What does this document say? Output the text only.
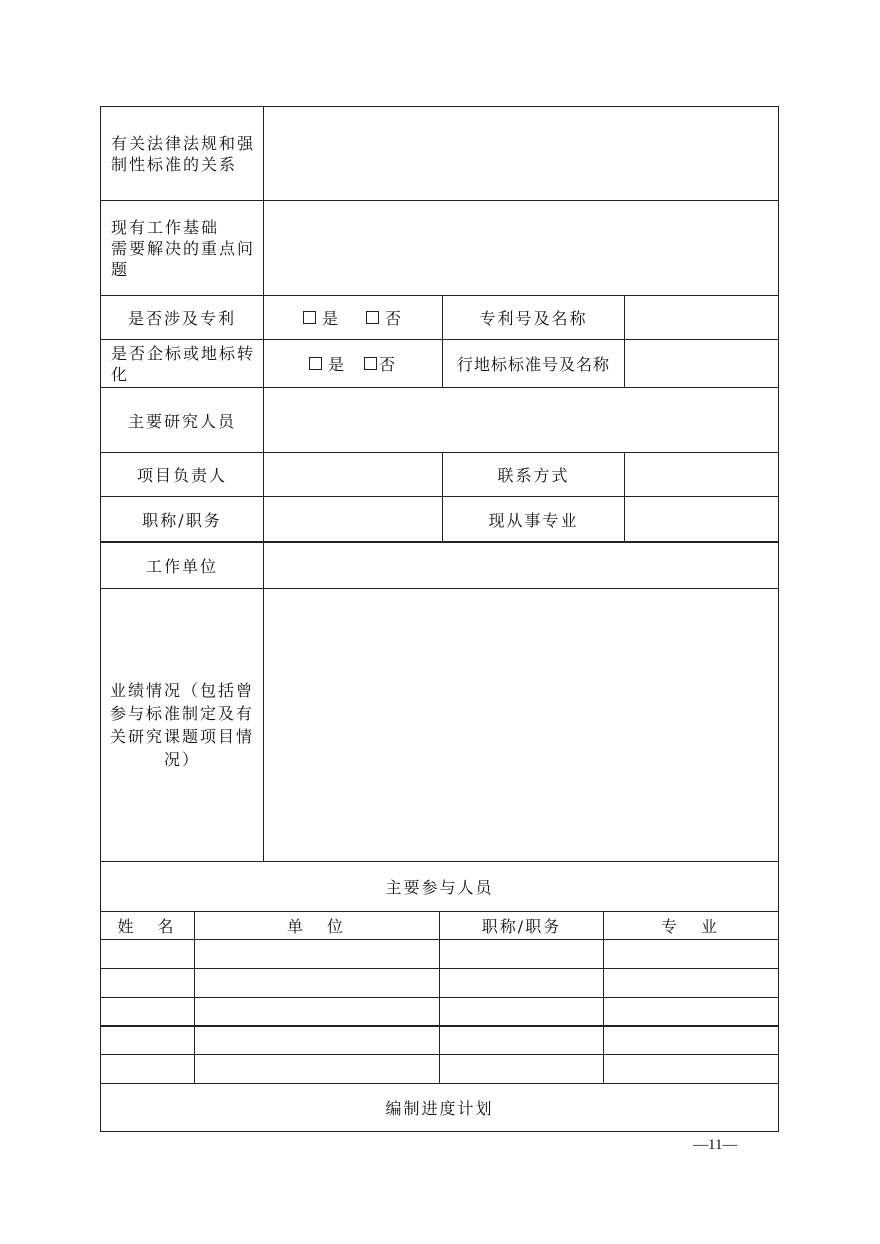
有关法律法规和强制性标准的关系
现有工作基础
需要解决的重点问题
是否涉及专利	是	否	专利号及名称
是否企标或地标转化	是 否	行地标标准号及名称
主要研究人员
项目负责人	联系方式
职称/职务	现从事专业
工作单位
业绩情况（包括曾参与标准制定及有关研究课题项目情况）
主要参与人员
姓　名	单　位	职称/职务	专　业
编制进度计划
—11—
